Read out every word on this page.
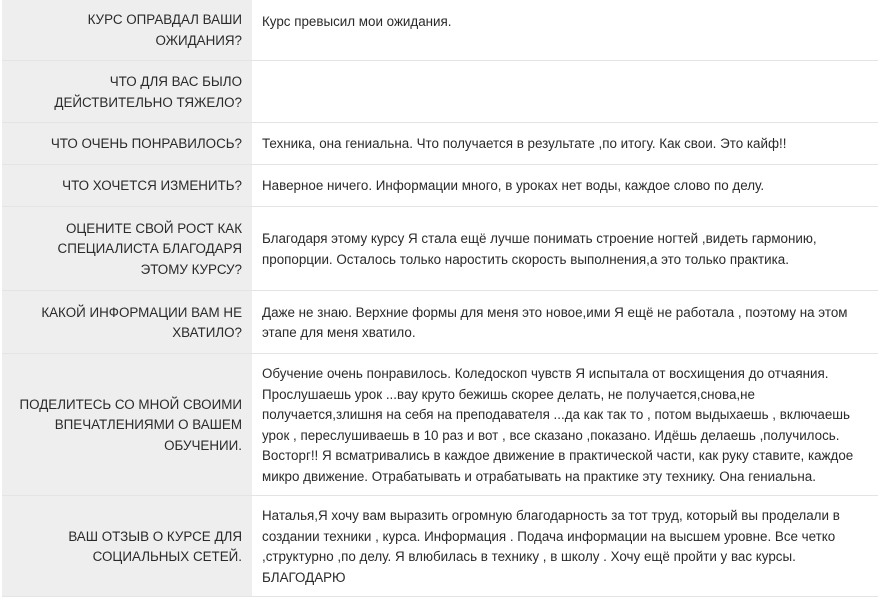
КУРС ОПРАВДАЛ ВАШИ
ОЖИДАНИЯ?
Курс превысил мои ожидания.
ЧТО ДЛЯ ВАС БЫЛО
ДЕЙСТВИТЕЛЬНО ТЯЖЕЛО?
ЧТО ОЧЕНЬ ПОНРАВИЛОСЬ? Техника, она гениальна. Что получается в результате ,по итогу. Как свои. Это кайф!!
ЧТО ХОЧЕТСЯ ИЗМЕНИТЬ? Наверное ничего. Информации много, в уроках нет воды, каждое слово по делу.
ОЦЕНИТЕ СВОЙ РОСТ КАК
СПЕЦИАЛИСТА БЛАГОДАРЯ
ЭТОМУ КУРСУ?
Благодаря этому курсу Я стала ещё лучше понимать строение ногтей ,видеть гармонию,
пропорции. Осталось только наростить скорость выполнения,а это только практика.
КАКОЙ ИНФОРМАЦИИ ВАМ НЕ
ХВАТИЛО?
Даже не знаю. Верхние формы для меня это новое,ими Я ещё не работала , поэтому на этом
этапе для меня хватило.
ПОДЕЛИТЕСЬ СО МНОЙ СВОИМИ
ВПЕЧАТЛЕНИЯМИ О ВАШЕМ
ОБУЧЕНИИ.
Обучение очень понравилось. Коледоскоп чувств Я испытала от восхищения до отчаяния.
Прослушаешь урок ...вау круто бежишь скорее делать, не получается,снова,не
получается,злишня на себя на преподавателя ...да как так то , потом выдыхаешь , включаешь
урок , переслушиваешь в 10 раз и вот , все сказано ,показано. Идёшь делаешь ,получилось.
Восторг!! Я всматривались в каждое движение в практической части, как руку ставите, каждое
микро движение. Отрабатывать и отрабатывать на практике эту технику. Она гениальна.
ВАШ ОТЗЫВ О КУРСЕ ДЛЯ
СОЦИАЛЬНЫХ СЕТЕЙ.
Наталья,Я хочу вам выразить огромную благодарность за тот труд, который вы проделали в
создании техники , курса. Информация . Подача информации на высшем уровне. Все четко
,структурно ,по делу. Я влюбилась в технику , в школу . Хочу ещё пройти у вас курсы.
БЛАГОДАРЮ
